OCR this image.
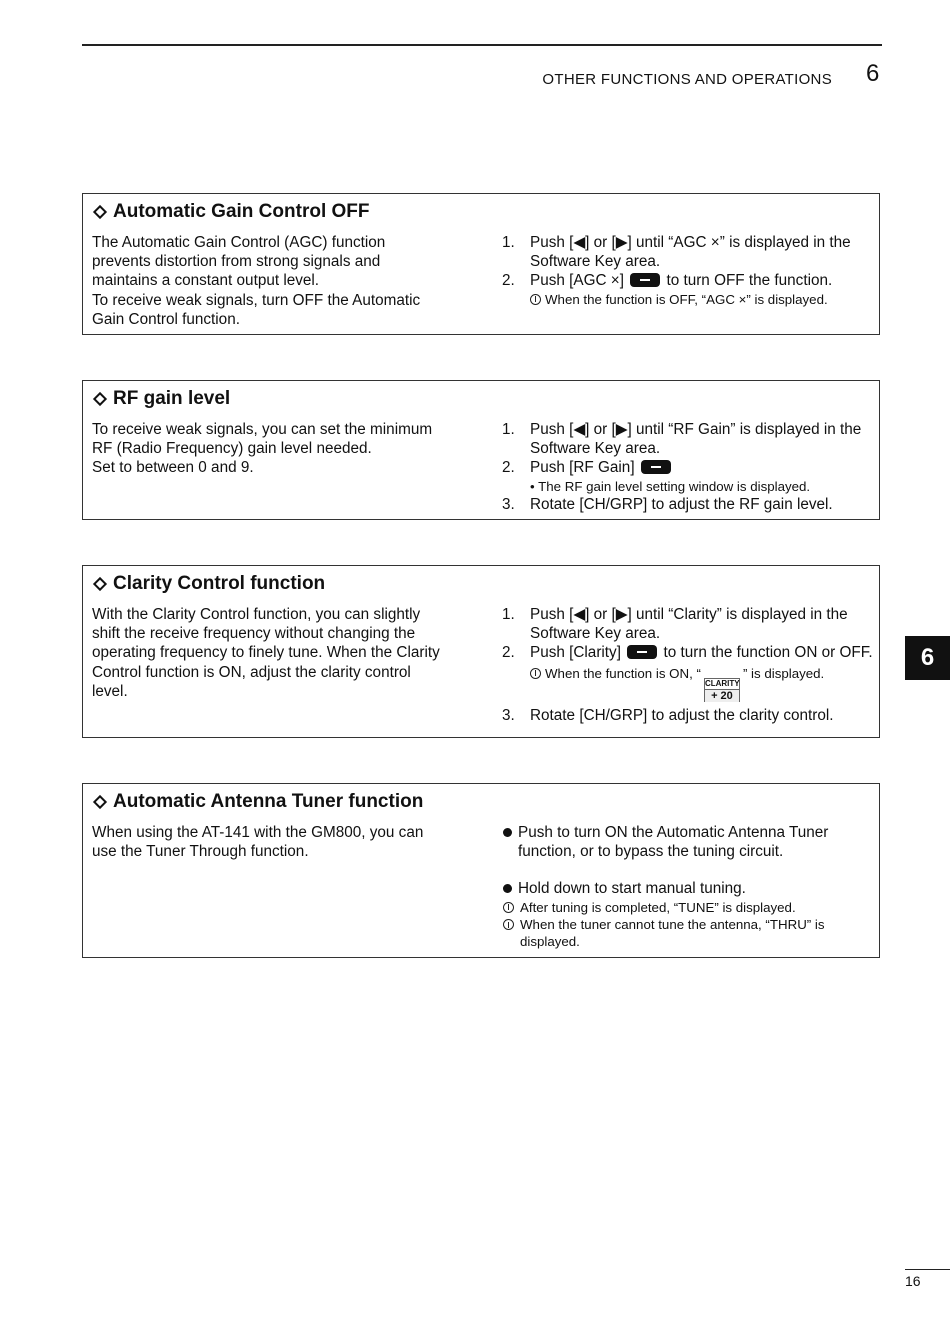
OTHER FUNCTIONS AND OPERATIONS 6
Automatic Gain Control OFF
The Automatic Gain Control (AGC) function
prevents distortion from strong signals and
maintains a constant output level.
To receive weak signals, turn OFF the Automatic
Gain Control function.
1. Push [◀] or [▶] until “AGC ×” is displayed in the Software Key area.
2. Push [AGC ×]	to turn OFF the function.
When the function is OFF, “AGC ×” is displayed.
RF gain level
To receive weak signals, you can set the minimum
RF (Radio Frequency) gain level needed.
Set to between 0 and 9.
1. Push [◀] or [▶] until “RF Gain” is displayed in the Software Key area.
2. Push [RF Gain]
• The RF gain level setting window is displayed.
3. Rotate [CH/GRP] to adjust the RF gain level.
Clarity Control function
With the Clarity Control function, you can slightly
shift the receive frequency without changing the
operating frequency to finely tune. When the Clarity
Control function is ON, adjust the clarity control
level.
1. Push [◀] or [▶] until “Clarity” is displayed in the Software Key area.
2. Push [Clarity]	to turn the function ON or OFF.
When the function is ON, “
CLARITY
+ 20
” is displayed.
3. Rotate [CH/GRP] to adjust the clarity control.
Automatic Antenna Tuner function
When using the AT-141 with the GM800, you can
use the Tuner Through function.
Push to turn ON the Automatic Antenna Tuner function, or to bypass the tuning circuit.
Hold down to start manual tuning.
After tuning is completed, “TUNE” is displayed.
When the tuner cannot tune the antenna, “THRU” is displayed.
6
16
